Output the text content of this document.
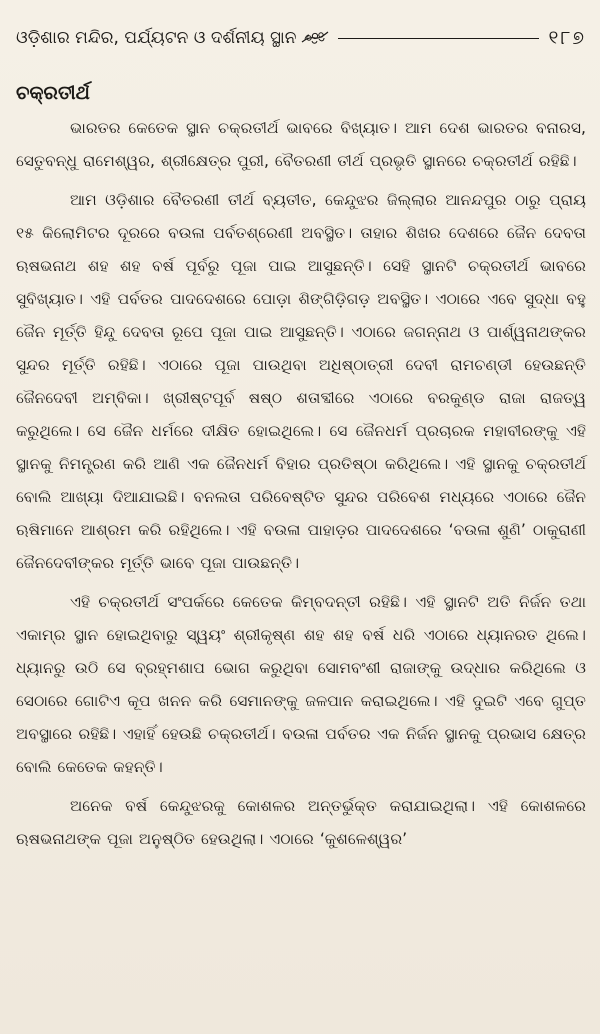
ଓଡ଼ିଶାର ମନ୍ଦିର, ପର୍ଯ୍ୟଟନ ଓ ଦର୍ଶନୀୟ ସ୍ଥାନ	୧୮୭
ଚକ୍ରତୀର୍ଥ

ଭାରତର କେତେକ ସ୍ଥାନ ଚକ୍ରତୀର୍ଥ ଭାବରେ ବିଖ୍ୟାତ। ଆମ ଦେଶ ଭାରତର ବନାରସ, ସେତୁବନ୍ଧୁ ରାମେଶ୍ୱର, ଶ୍ରୀକ୍ଷେତ୍ର ପୁରୀ, ବୈତରଣୀ ତୀର୍ଥ ପ୍ରଭୃତି ସ୍ଥାନରେ ଚକ୍ରତୀର୍ଥ ରହିଛି।

ଆମ ଓଡ଼ିଶାର ବୈତରଣୀ ତୀର୍ଥ ବ୍ୟତୀତ, କେନ୍ଦୁଝର ଜିଲ୍ଲାର ଆନନ୍ଦପୁର ଠାରୁ ପ୍ରାୟ ୧୫ କିଲୋମିଟର ଦୂରରେ ବଉଳା ପର୍ବତଶ୍ରେଣୀ ଅବସ୍ଥିତ। ତାହାର ଶିଖର ଦେଶରେ ଜୈନ ଦେବତା ଋଷଭନାଥ ଶହ ଶହ ବର୍ଷ ପୂର୍ବରୁ ପୂଜା ପାଇ ଆସୁଛନ୍ତି। ସେହି ସ୍ଥାନଟି ଚକ୍ରତୀର୍ଥ ଭାବରେ ସୁବିଖ୍ୟାତ। ଏହି ପର୍ବତର ପାଦଦେଶରେ ପୋଡ଼ା ଶିଙ୍ଗିଡ଼ିଗଡ଼ ଅବସ୍ଥିତ। ଏଠାରେ ଏବେ ସୁଦ୍ଧା ବହୁ ଜୈନ ମୂର୍ତ୍ତି ହିନ୍ଦୁ ଦେବତା ରୂପେ ପୂଜା ପାଇ ଆସୁଛନ୍ତି। ଏଠାରେ ଜଗନ୍ନାଥ ଓ ପାର୍ଶ୍ୱନାଥଙ୍କର ସୁନ୍ଦର ମୂର୍ତ୍ତି ରହିଛି। ଏଠାରେ ପୂଜା ପାଉଥିବା ଅଧିଷ୍ଠାତ୍ରୀ ଦେବୀ ରାମଚଣ୍ଡୀ ହେଉଛନ୍ତି ଜୈନଦେବୀ ଅମ୍ବିକା। ଖ୍ରୀଷ୍ଟପୂର୍ବ ଷଷ୍ଠ ଶତାବ୍ଦୀରେ ଏଠାରେ ବରକୁଣ୍ଡ ରାଜା ରାଜତ୍ୱ କରୁଥିଲେ। ସେ ଜୈନ ଧର୍ମରେ ଦୀକ୍ଷିତ ହୋଇଥିଲେ। ସେ ଜୈନଧର୍ମ ପ୍ରଚାରକ ମହାବୀରଙ୍କୁ ଏହି ସ୍ଥାନକୁ ନିମନ୍ତ୍ରଣ କରି ଆଣି ଏକ ଜୈନଧର୍ମ ବିହାର ପ୍ରତିଷ୍ଠା କରିଥିଲେ। ଏହି ସ୍ଥାନକୁ ଚକ୍ରତୀର୍ଥ ବୋଲି ଆଖ୍ୟା ଦିଆଯାଇଛି। ବନଲତା ପରିବେଷ୍ଟିତ ସୁନ୍ଦର ପରିବେଶ ମଧ୍ୟରେ ଏଠାରେ ଜୈନ ଋଷିମାନେ ଆଶ୍ରମ କରି ରହିଥିଲେ। ଏହି ବଉଳା ପାହାଡ଼ର ପାଦଦେଶରେ ‘ବଉଳା ଶୁଣି’ ଠାକୁରାଣୀ ଜୈନଦେବୀଙ୍କର ମୂର୍ତ୍ତି ଭାବେ ପୂଜା ପାଉଛନ୍ତି।

ଏହି ଚକ୍ରତୀର୍ଥ ସଂପର୍କରେ କେତେକ କିମ୍ବଦନ୍ତୀ ରହିଛି। ଏହି ସ୍ଥାନଟି ଅତି ନିର୍ଜନ ତଥା ଏକାମ୍ର ସ୍ଥାନ ହୋଇଥିବାରୁ ସ୍ୱୟଂ ଶ୍ରୀକୃଷ୍ଣ ଶହ ଶହ ବର୍ଷ ଧରି ଏଠାରେ ଧ୍ୟାନରତ ଥିଲେ। ଧ୍ୟାନରୁ ଉଠି ସେ ବ୍ରହ୍ମଶାପ ଭୋଗ କରୁଥିବା ସୋମବଂଶୀ ରାଜାଙ୍କୁ ଉଦ୍ଧାର କରିଥିଲେ ଓ ସେଠାରେ ଗୋଟିଏ କୂପ ଖନନ କରି ସେମାନଙ୍କୁ ଜଳପାନ କରାଇଥିଲେ। ଏହି ଦୁଇଟି ଏବେ ଗୁପ୍ତ ଅବସ୍ଥାରେ ରହିଛି। ଏହାହିଁ ହେଉଛି ଚକ୍ରତୀର୍ଥ। ବଉଳା ପର୍ବତର ଏକ ନିର୍ଜନ ସ୍ଥାନକୁ ପ୍ରଭାସ କ୍ଷେତ୍ର ବୋଲି କେତେକ କହନ୍ତି।

ଅନେକ ବର୍ଷ କେନ୍ଦୁଝରକୁ କୋଶଳର ଅନ୍ତର୍ଭୁକ୍ତ କରାଯାଇଥିଲା। ଏହି କୋଶଳରେ ଋଷଭନାଥଙ୍କ ପୂଜା ଅନୁଷ୍ଠିତ ହେଉଥିଲା। ଏଠାରେ ‘କୁଶଳେଶ୍ୱର’
